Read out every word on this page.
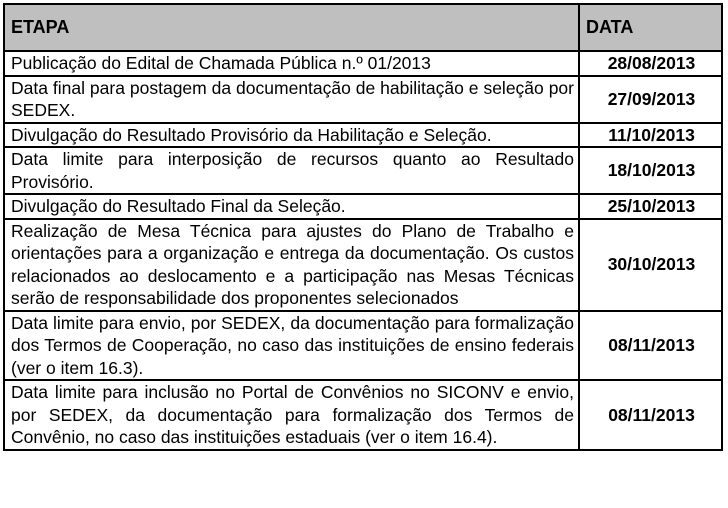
ETAPA	DATA
Publicação do Edital de Chamada Pública n.º 01/2013	28/08/2013
Data final para postagem da documentação de habilitação e seleção por SEDEX.	27/09/2013
Divulgação do Resultado Provisório da Habilitação e Seleção.	11/10/2013
Data limite para interposição de recursos quanto ao Resultado Provisório.	18/10/2013
Divulgação do Resultado Final da Seleção.	25/10/2013
Realização de Mesa Técnica para ajustes do Plano de Trabalho e orientações para a organização e entrega da documentação. Os custos relacionados ao deslocamento e a participação nas Mesas Técnicas serão de responsabilidade dos proponentes selecionados	30/10/2013
Data limite para envio, por SEDEX, da documentação para formalização dos Termos de Cooperação, no caso das instituições de ensino federais (ver o item 16.3).	08/11/2013
Data limite para inclusão no Portal de Convênios no SICONV e envio, por SEDEX, da documentação para formalização dos Termos de Convênio, no caso das instituições estaduais (ver o item 16.4).	08/11/2013
